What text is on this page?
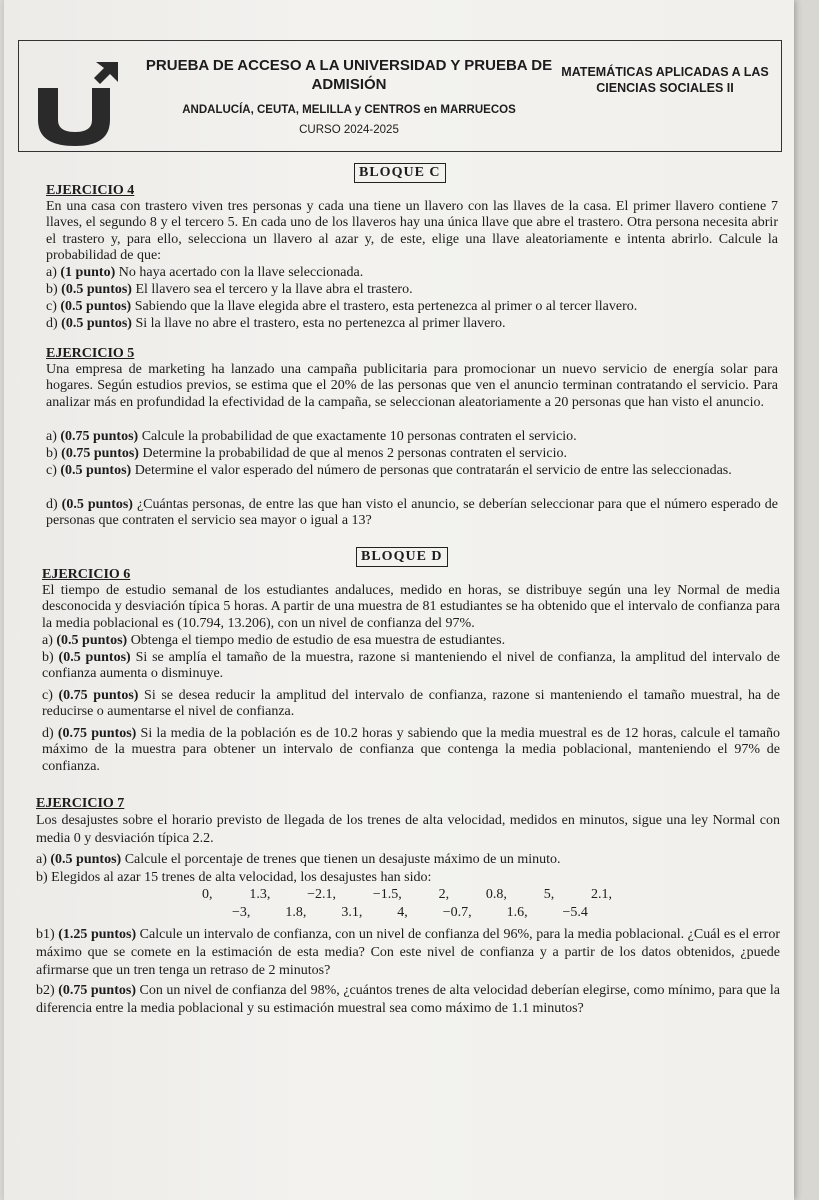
PRUEBA DE ACCESO A LA UNIVERSIDAD Y PRUEBA DE ADMISIÓN
ANDALUCÍA, CEUTA, MELILLA y CENTROS en MARRUECOS
CURSO 2024-2025
MATEMÁTICAS APLICADAS A LAS CIENCIAS SOCIALES II
BLOQUE C
EJERCICIO 4
En una casa con trastero viven tres personas y cada una tiene un llavero con las llaves de la casa. El primer llavero contiene 7 llaves, el segundo 8 y el tercero 5. En cada uno de los llaveros hay una única llave que abre el trastero. Otra persona necesita abrir el trastero y, para ello, selecciona un llavero al azar y, de este, elige una llave aleatoriamente e intenta abrirlo. Calcule la probabilidad de que:
a) (1 punto) No haya acertado con la llave seleccionada.
b) (0.5 puntos) El llavero sea el tercero y la llave abra el trastero.
c) (0.5 puntos) Sabiendo que la llave elegida abre el trastero, esta pertenezca al primer o al tercer llavero.
d) (0.5 puntos) Si la llave no abre el trastero, esta no pertenezca al primer llavero.
EJERCICIO 5
Una empresa de marketing ha lanzado una campaña publicitaria para promocionar un nuevo servicio de energía solar para hogares. Según estudios previos, se estima que el 20% de las personas que ven el anuncio terminan contratando el servicio. Para analizar más en profundidad la efectividad de la campaña, se seleccionan aleatoriamente a 20 personas que han visto el anuncio.
a) (0.75 puntos) Calcule la probabilidad de que exactamente 10 personas contraten el servicio.
b) (0.75 puntos) Determine la probabilidad de que al menos 2 personas contraten el servicio.
c) (0.5 puntos) Determine el valor esperado del número de personas que contratarán el servicio de entre las seleccionadas.
d) (0.5 puntos) ¿Cuántas personas, de entre las que han visto el anuncio, se deberían seleccionar para que el número esperado de personas que contraten el servicio sea mayor o igual a 13?
BLOQUE D
EJERCICIO 6
El tiempo de estudio semanal de los estudiantes andaluces, medido en horas, se distribuye según una ley Normal de media desconocida y desviación típica 5 horas. A partir de una muestra de 81 estudiantes se ha obtenido que el intervalo de confianza para la media poblacional es (10.794, 13.206), con un nivel de confianza del 97%.
a) (0.5 puntos) Obtenga el tiempo medio de estudio de esa muestra de estudiantes.
b) (0.5 puntos) Si se amplía el tamaño de la muestra, razone si manteniendo el nivel de confianza, la amplitud del intervalo de confianza aumenta o disminuye.
c) (0.75 puntos) Si se desea reducir la amplitud del intervalo de confianza, razone si manteniendo el tamaño muestral, ha de reducirse o aumentarse el nivel de confianza.
d) (0.75 puntos) Si la media de la población es de 10.2 horas y sabiendo que la media muestral es de 12 horas, calcule el tamaño máximo de la muestra para obtener un intervalo de confianza que contenga la media poblacional, manteniendo el 97% de confianza.
EJERCICIO 7
Los desajustes sobre el horario previsto de llegada de los trenes de alta velocidad, medidos en minutos, sigue una ley Normal con media 0 y desviación típica 2.2.
a) (0.5 puntos) Calcule el porcentaje de trenes que tienen un desajuste máximo de un minuto.
b) Elegidos al azar 15 trenes de alta velocidad, los desajustes han sido:
0,	1.3,	−2.1,	−1.5,	2,	0.8,	5,	2.1,
−3, 1.8, 3.1, 4, −0.7, 1.6, −5.4
b1) (1.25 puntos) Calcule un intervalo de confianza, con un nivel de confianza del 96%, para la media poblacional. ¿Cuál es el error máximo que se comete en la estimación de esta media? Con este nivel de confianza y a partir de los datos obtenidos, ¿puede afirmarse que un tren tenga un retraso de 2 minutos?
b2) (0.75 puntos) Con un nivel de confianza del 98%, ¿cuántos trenes de alta velocidad deberían elegirse, como mínimo, para que la diferencia entre la media poblacional y su estimación muestral sea como máximo de 1.1 minutos?
